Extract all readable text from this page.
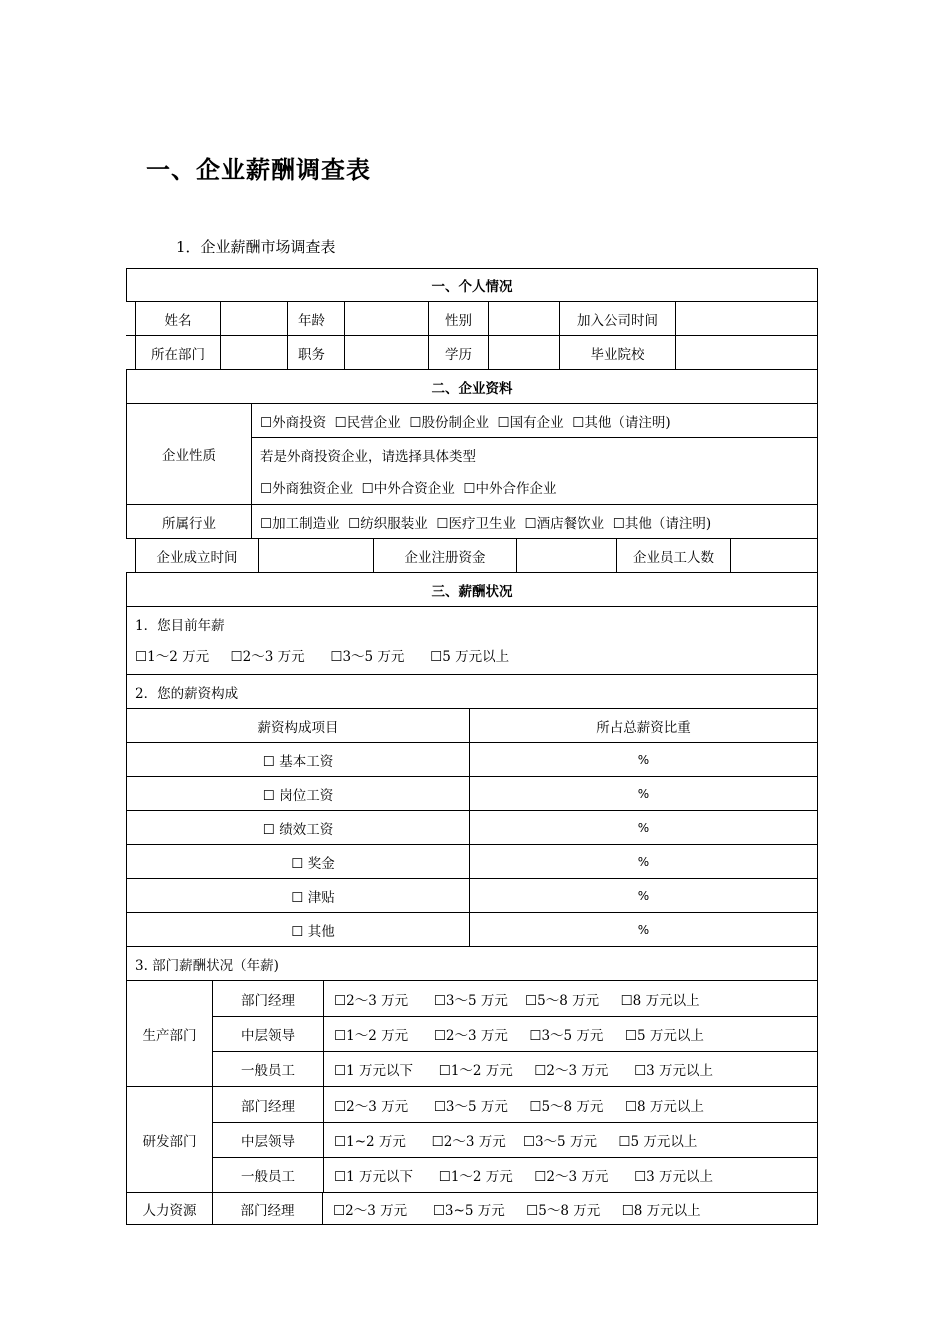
一、企业薪酬调查表
1．企业薪酬市场调查表
一、个人情况
姓名	年龄	性别	加入公司时间
所在部门	职务	学历	毕业院校
二、企业资料
企业性质
☐外商投资  ☐民营企业  ☐股份制企业  ☐国有企业  ☐其他（请注明)
若是外商投资企业，请选择具体类型
☐外商独资企业  ☐中外合资企业  ☐中外合作企业
所属行业	☐加工制造业  ☐纺织服装业  ☐医疗卫生业  ☐酒店餐饮业  ☐其他（请注明)
企业成立时间	企业注册资金	企业员工人数
三、薪酬状况
1．您目前年薪
☐1～2 万元     ☐2～3 万元      ☐3～5 万元      ☐5 万元以上
2．您的薪资构成
薪资构成项目	所占总薪资比重
☐ 基本工资	%
☐ 岗位工资	%
☐ 绩效工资	%
☐ 奖金	%
☐ 津贴	%
☐ 其他	%
3. 部门薪酬状况（年薪)
生产部门
部门经理	☐2～3 万元      ☐3～5 万元    ☐5～8 万元     ☐8 万元以上
中层领导	☐1～2 万元      ☐2～3 万元     ☐3～5 万元     ☐5 万元以上
一般员工	☐1 万元以下      ☐1～2 万元     ☐2～3 万元      ☐3 万元以上
研发部门
部门经理	☐2～3 万元      ☐3～5 万元     ☐5～8 万元     ☐8 万元以上
中层领导	☐1~2 万元      ☐2～3 万元    ☐3～5 万元     ☐5 万元以上
一般员工	☐1 万元以下      ☐1～2 万元     ☐2～3 万元      ☐3 万元以上
人力资源	部门经理	☐2～3 万元      ☐3~5 万元     ☐5～8 万元     ☐8 万元以上
